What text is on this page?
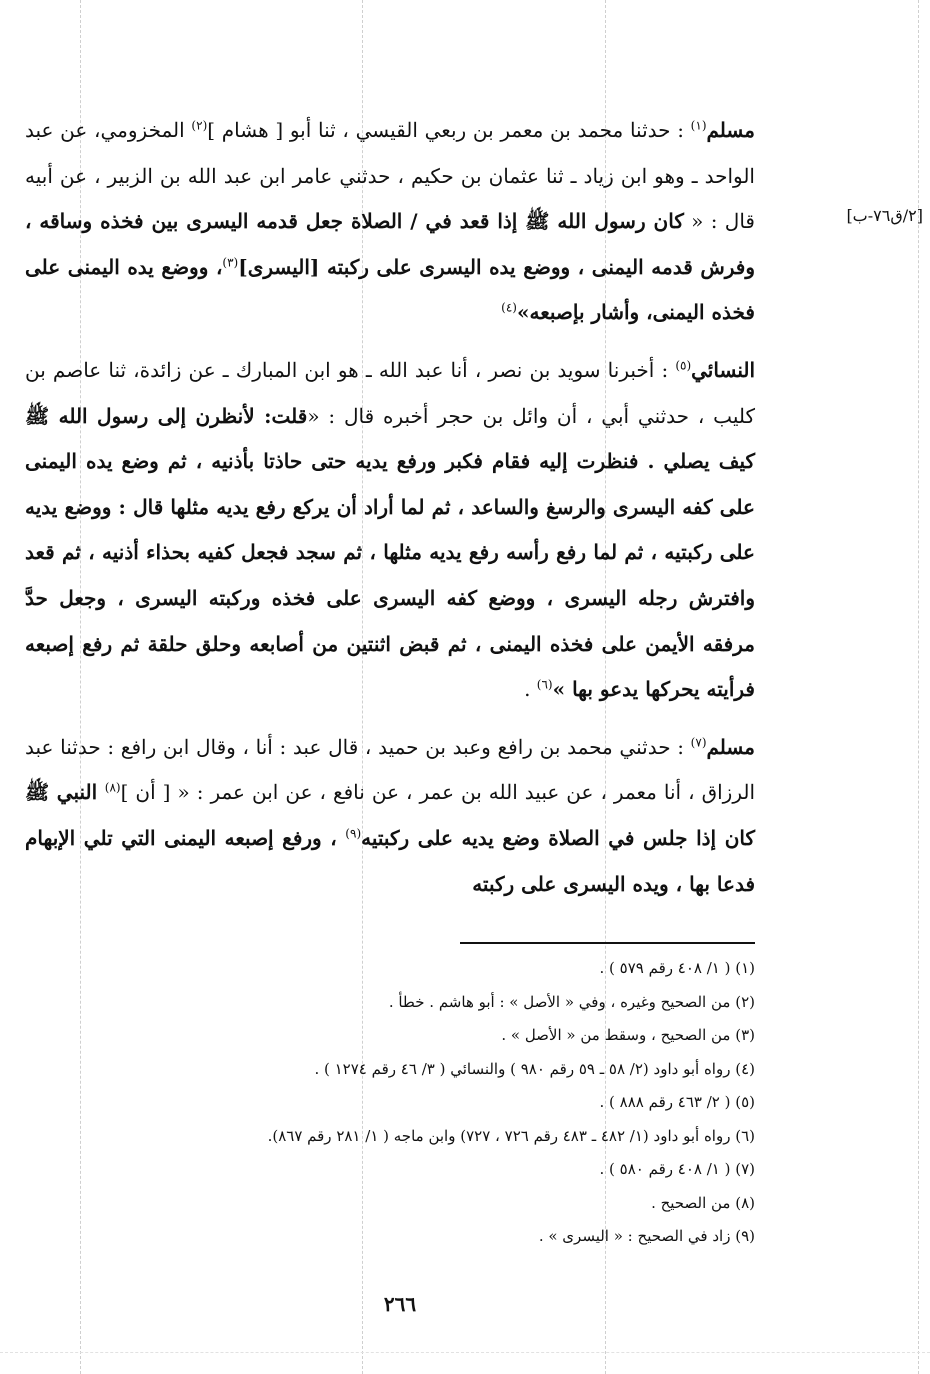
[٢/ق٧٦-ب]

مسلم$^{(١)}$ : حدثنا محمد بن معمر بن ربعي القيسي ، ثنا أبو [ هشام ]$^{(٢)}$ المخزومي، عن عبد الواحد ـ وهو ابن زياد ـ ثنا عثمان بن حكيم ، حدثني عامر ابن عبد الله بن الزبير ، عن أبيه قال : « كان رسول الله ﷺ إذا قعد في / الصلاة جعل قدمه اليسرى بين فخذه وساقه ، وفرش قدمه اليمنى ، ووضع يده اليسرى على ركبته [اليسرى]$^{(٣)}$، ووضع يده اليمنى على فخذه اليمنى، وأشار بإصبعه»$^{(٤)}$

النسائي$^{(٥)}$ : أخبرنا سويد بن نصر ، أنا عبد الله ـ هو ابن المبارك ـ عن زائدة، ثنا عاصم بن كليب ، حدثني أبي ، أن وائل بن حجر أخبره قال : «قلت: لأنظرن إلى رسول الله ﷺ كيف يصلي . فنظرت إليه فقام فكبر ورفع يديه حتى حاذتا بأذنيه ، ثم وضع يده اليمنى على كفه اليسرى والرسغ والساعد ، ثم لما أراد أن يركع رفع يديه مثلها قال : ووضع يديه على ركبتيه ، ثم لما رفع رأسه رفع يديه مثلها ، ثم سجد فجعل كفيه بحذاء أذنيه ، ثم قعد وافترش رجله اليسرى ، ووضع كفه اليسرى على فخذه وركبته اليسرى ، وجعل حدَّ مرفقه الأيمن على فخذه اليمنى ، ثم قبض اثنتين من أصابعه وحلق حلقة ثم رفع إصبعه فرأيته يحركها يدعو بها »$^{(٦)}$ .

مسلم$^{(٧)}$ : حدثني محمد بن رافع وعبد بن حميد ، قال عبد : أنا ، وقال ابن رافع : حدثنا عبد الرزاق ، أنا معمر ، عن عبيد الله بن عمر ، عن نافع ، عن ابن عمر : « [ أن ]$^{(٨)}$ النبي ﷺ كان إذا جلس في الصلاة وضع يديه على ركبتيه$^{(٩)}$ ، ورفع إصبعه اليمنى التي تلي الإبهام فدعا بها ، ويده اليسرى على ركبته

(١) ( ١/ ٤٠٨ رقم ٥٧٩ ) .
(٢) من الصحيح وغيره ، وفي « الأصل » : أبو هاشم . خطأ .
(٣) من الصحيح ، وسقط من « الأصل » .
(٤) رواه أبو داود (٢/ ٥٨ ـ ٥٩ رقم ٩٨٠ ) والنسائي ( ٣/ ٤٦ رقم ١٢٧٤ ) .
(٥) ( ٢/ ٤٦٣ رقم ٨٨٨ ) .
(٦) رواه أبو داود (١/ ٤٨٢ ـ ٤٨٣ رقم ٧٢٦ ، ٧٢٧) وابن ماجه ( ١/ ٢٨١ رقم ٨٦٧).
(٧) ( ١/ ٤٠٨ رقم ٥٨٠ ) .
(٨) من الصحيح .
(٩) زاد في الصحيح : « اليسرى » .
٢٦٦
